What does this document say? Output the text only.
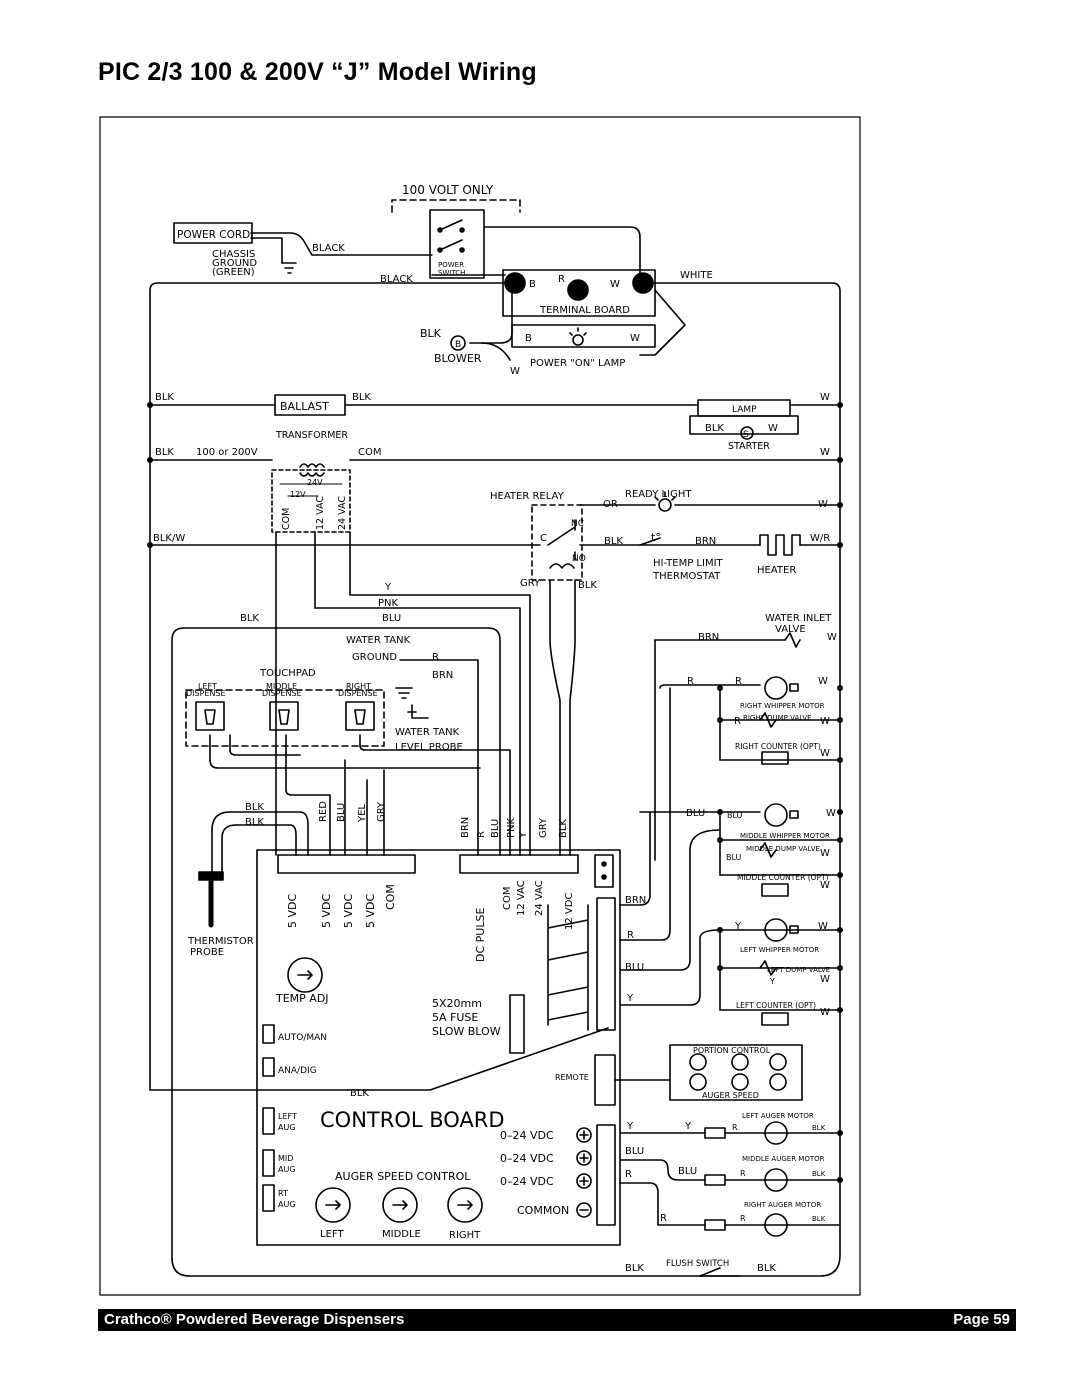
PIC 2/3 100 & 200V “J” Model Wiring
100 VOLT ONLY
POWER CORD
CHASSIS
GROUND
(GREEN)
BLACK
BLACK
POWER
SWITCH	WHITE
B R	W
TERMINAL BOARD
B	W
BLK
B
BLOWER
W
POWER "ON" LAMP
BLK
BALLAST
BLK
LAMP
W
BLK
S
W
STARTER
W
TRANSFORMER
BLK 100 or 200V	COM
24V
12V
COM 12 VAC 24 VAC	HEATER RELAY
OR
READY LIGHT
W
NC
C
NO
BLK/W	BLK	t°	BRN	W/R
HI-TEMP LIMIT
THERMOSTAT
HEATER
GRY	BLK
Y
PNK
BLU
BLK	WATER INLET
VALVE
BRN	W
WATER TANK
GROUND	R
BRN
TOUCHPAD
LEFT
DISPENSE
MIDDLE
DISPENSE
RIGHT
DISPENSE
WATER TANK
LEVEL PROBE
R	R	W
RIGHT WHIPPER MOTOR
R RIGHT DUMP VALVE W
RIGHT COUNTER (OPT)
W
BLK
BLK
RED BLU YEL GRY
BRN R BLU PNK Y GRY BLK
BLU	BLU	W
MIDDLE WHIPPER MOTOR
BLU
MIDDLE DUMP VALVE W
MIDDLE COUNTER (OPT)
W
5 VDC 5 VDC 5 VDC 5 VDC COM
DC PULSE
COM 12 VAC 24 VAC 12 VDC	BRN
R
BLU
Y
Y	W
LEFT WHIPPER MOTOR
LEFT DUMP VALVE
Y	W
LEFT COUNTER (OPT)
W
THERMISTOR
PROBE
TEMP ADJ	5X20mm
5A FUSE
SLOW BLOW
AUTO/MAN
ANA/DIG
BLK
REMOTE
PORTION CONTROL
AUGER SPEED
LEFT
AUG CONTROL BOARD
0–24 VDC
0–24 VDC
0–24 VDC
COMMON
MID
AUG
RT
AUG
AUGER SPEED CONTROL
LEFT	MIDDLE	RIGHT
Y	Y
LEFT AUGER MOTOR
R	BLK
BLU
BLU
MIDDLE AUGER MOTOR
R	BLK
R
RIGHT AUGER MOTOR
R	R	BLK
BLK	FLUSH SWITCH	BLK
Crathco® Powdered Beverage Dispensers	Page 59
